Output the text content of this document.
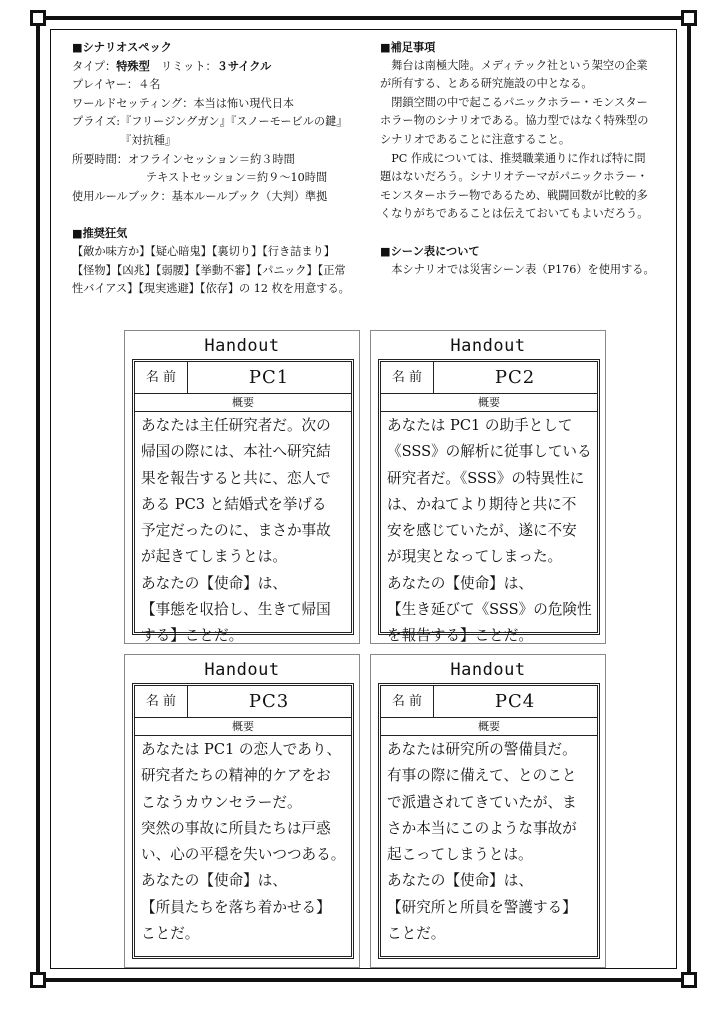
■シナリオスペック

タイプ：特殊型　 リミット：３サイクル

プレイヤー：４名

ワールドセッティング：本当は怖い現代日本

プライズ:『フリージングガン』『スノーモービルの鍵』

『対抗種』

所要時間：オフラインセッション＝約３時間

テキストセッション＝約９～10時間

使用ルールブック：基本ルールブック（大判）準拠

■推奨狂気

【敵か味方か】【疑心暗鬼】【裏切り】【行き詰まり】

【怪物】【凶兆】【弱腰】【挙動不審】【パニック】【正常

性バイアス】【現実逃避】【依存】の 12 枚を用意する。

■補足事項

舞台は南極大陸。メディテック社という架空の企業

が所有する、とある研究施設の中となる。

閉鎖空間の中で起こるパニックホラー・モンスター

ホラー物のシナリオである。協力型ではなく特殊型の

シナリオであることに注意すること。

PC 作成については、推奨職業通りに作れば特に問

題はないだろう。シナリオテーマがパニックホラー・

モンスターホラー物であるため、戦闘回数が比較的多

くなりがちであることは伝えておいてもよいだろう。

■シーン表について

本シナリオでは災害シーン表（P176）を使用する。

Handout
名 前	PC1
概要
あなたは主任研究者だ。次の
帰国の際には、本社へ研究結
果を報告すると共に、恋人で
ある PC3 と結婚式を挙げる
予定だったのに、まさか事故
が起きてしまうとは。
あなたの【使命】は、
【事態を収拾し、生きて帰国
する】ことだ。
Handout
名 前	PC2
概要
あなたは PC1 の助手として
《SSS》の解析に従事している
研究者だ。《SSS》の特異性に
は、かねてより期待と共に不
安を感じていたが、遂に不安
が現実となってしまった。
あなたの【使命】は、
【生き延びて《SSS》の危険性
を報告する】ことだ。
Handout
名 前	PC3
概要
あなたは PC1 の恋人であり、
研究者たちの精神的ケアをお
こなうカウンセラーだ。
突然の事故に所員たちは戸惑
い、心の平穏を失いつつある。
あなたの【使命】は、
【所員たちを落ち着かせる】
ことだ。
Handout
名 前	PC4
概要
あなたは研究所の警備員だ。
有事の際に備えて、とのこと
で派遣されてきていたが、ま
さか本当にこのような事故が
起こってしまうとは。
あなたの【使命】は、
【研究所と所員を警護する】
ことだ。
